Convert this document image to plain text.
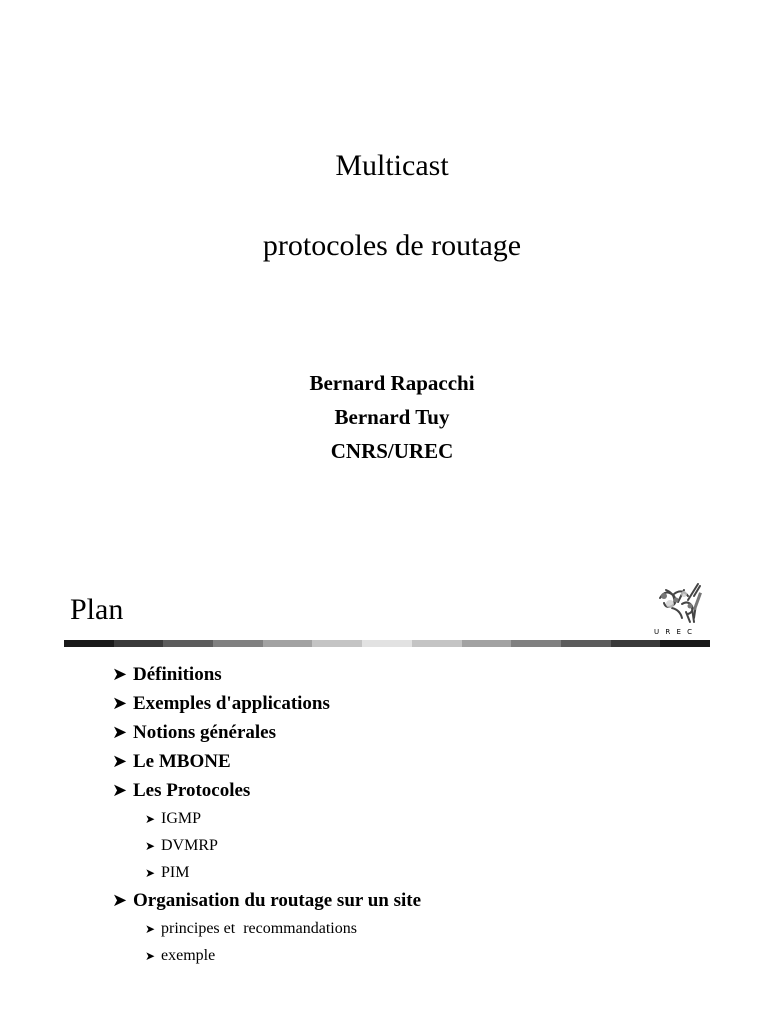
Multicast
protocoles de routage
Bernard Rapacchi
Bernard Tuy
CNRS/UREC
Plan
U R E C
➤ Définitions
➤ Exemples d'applications
➤ Notions générales
➤ Le MBONE
➤ Les Protocoles
➤ IGMP
➤ DVMRP
➤ PIM
➤ Organisation du routage sur un site
➤ principes et  recommandations
➤ exemple
